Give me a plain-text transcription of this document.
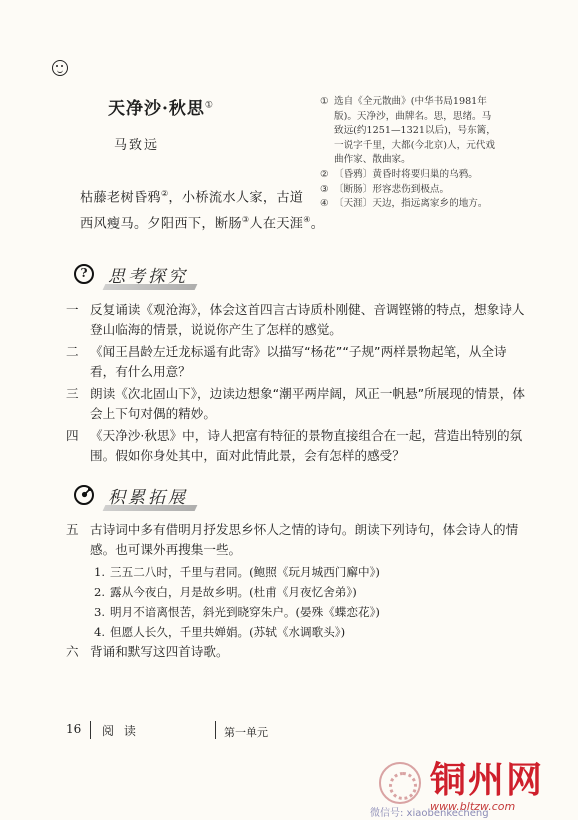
天净沙·秋思①
马致远

枯藤老树昏鸦②，小桥流水人家，古道

西风瘦马。夕阳西下，断肠③人在天涯④。

① 选自《全元散曲》(中华书局1981年版)。天净沙，曲牌名。思，思绪。马致远(约1251—1321以后)，号东篱，一说字千里，大都(今北京)人，元代戏曲作家、散曲家。
② 〔昏鸦〕黄昏时将要归巢的乌鸦。
③ 〔断肠〕形容悲伤到极点。
④ 〔天涯〕天边，指远离家乡的地方。
?	思考探究
一 反复诵读《观沧海》，体会这首四言古诗质朴刚健、音调铿锵的特点，想象诗人登山临海的情景，说说你产生了怎样的感觉。
二 《闻王昌龄左迁龙标遥有此寄》以描写“杨花”“子规”两样景物起笔，从全诗看，有什么用意？
三 朗读《次北固山下》，边读边想象“潮平两岸阔，风正一帆悬”所展现的情景，体会上下句对偶的精妙。
四 《天净沙·秋思》中，诗人把富有特征的景物直接组合在一起，营造出特别的氛围。假如你身处其中，面对此情此景，会有怎样的感受？
积累拓展
五 古诗词中多有借明月抒发思乡怀人之情的诗句。朗读下列诗句，体会诗人的情感。也可课外再搜集一些。
1. 三五二八时，千里与君同。(鲍照《玩月城西门廨中》)
2. 露从今夜白，月是故乡明。(杜甫《月夜忆舍弟》)
3. 明月不谙离恨苦，斜光到晓穿朱户。(晏殊《蝶恋花》)
4. 但愿人长久，千里共婵娟。(苏轼《水调歌头》)
六 背诵和默写这四首诗歌。
16 阅 读	第一单元
铜州网
微信号: xiaobenkecheng
www.bltzw.com
